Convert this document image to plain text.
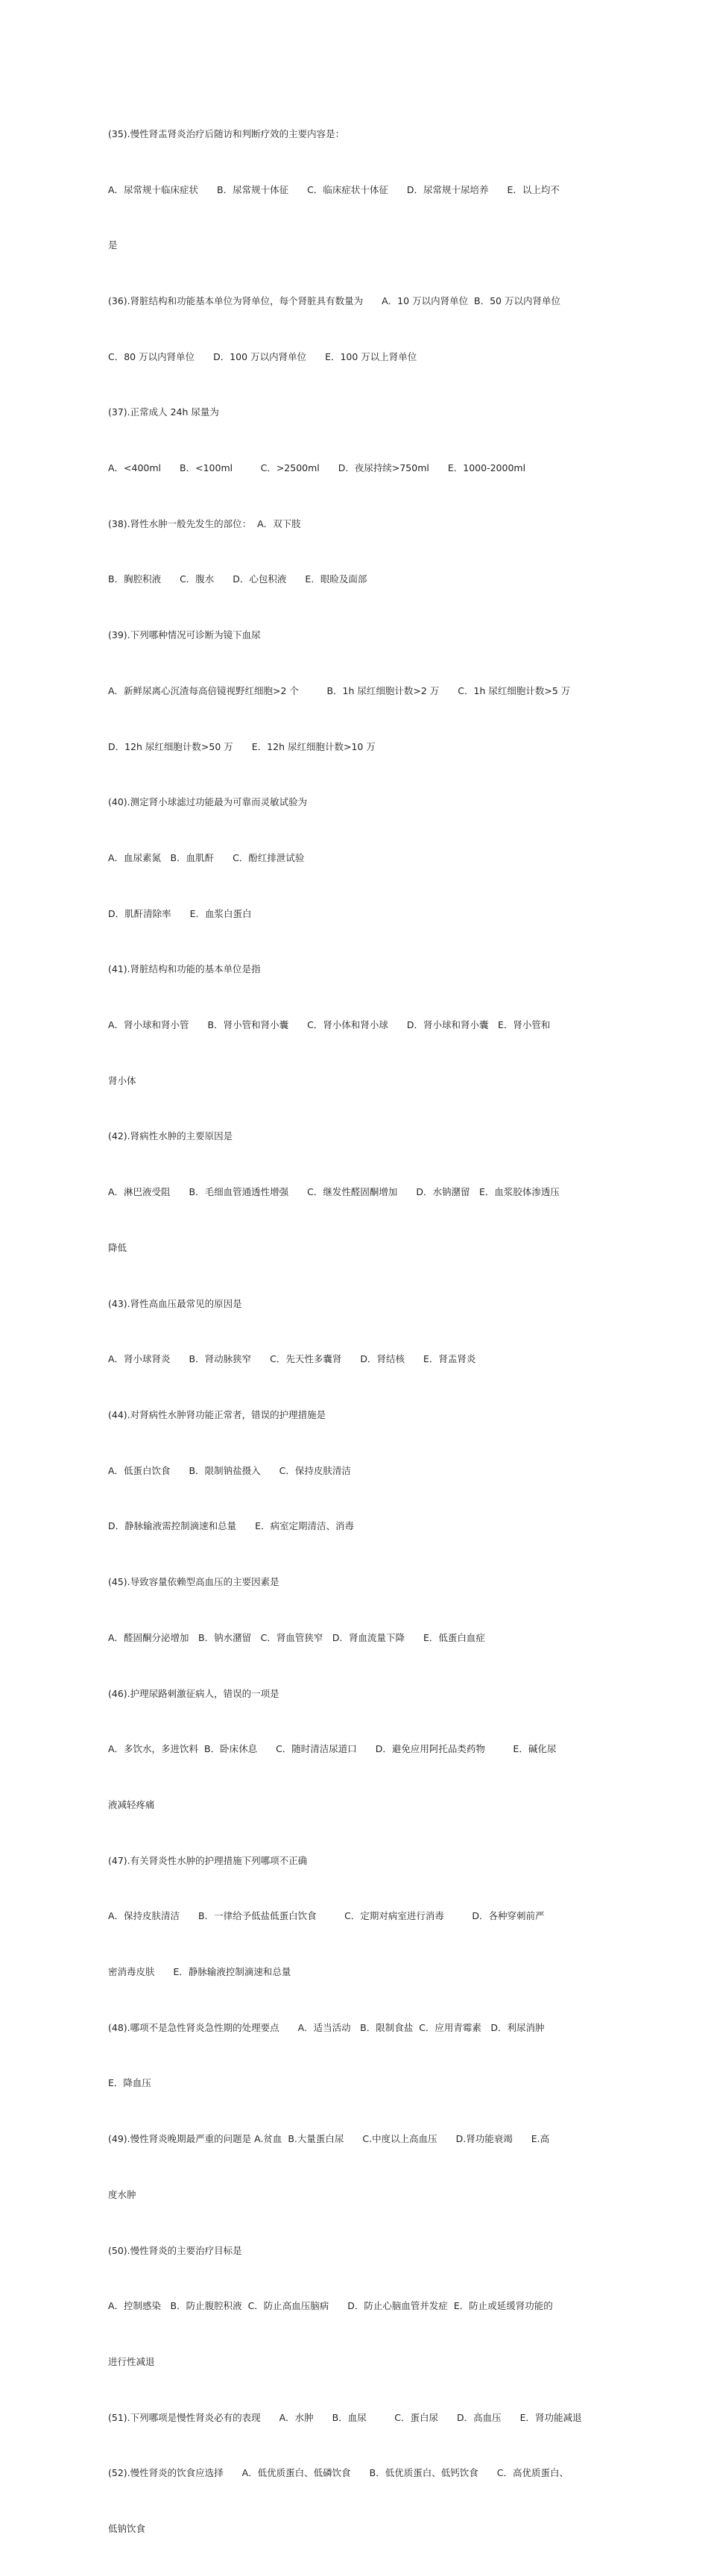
(35).慢性肾盂肾炎治疗后随访和判断疗效的主要内容是：

A．尿常规十临床症状　　B．尿常规十体征　　C．临床症状十体征　　D．尿常规十尿培养　　E．以上均不

是

(36).肾脏结构和功能基本单位为肾单位，每个肾脏具有数量为　　A．10 万以内肾单位  B．50 万以内肾单位

C．80 万以内肾单位　　D．100 万以内肾单位　　E．100 万以上肾单位

(37).正常成人 24h 尿量为

A．<400ml　　B．<100ml　　　C．>2500ml　　D．夜尿持续>750ml　　E．1000-2000ml

(38).肾性水肿一般先发生的部位：  A．双下肢

B．胸腔积液　　C．腹水　　D．心包积液　　E．眼睑及面部

(39).下列哪种情况可诊断为镜下血尿

A．新鲜尿离心沉渣每高倍镜视野红细胞>2 个　　　B．1h 尿红细胞计数>2 万　　C．1h 尿红细胞计数>5 万

D．12h 尿红细胞计数>50 万　　E．12h 尿红细胞计数>10 万

(40).测定肾小球滤过功能最为可靠而灵敏试验为

A．血尿素氮　B．血肌酐　　C．酚红排泄试验

D．肌酐清除率　　E．血浆白蛋白

(41).肾脏结构和功能的基本单位是指

A．肾小球和肾小管　　B．肾小管和肾小囊　　C．肾小体和肾小球　　D．肾小球和肾小囊　E．肾小管和

肾小体

(42).肾病性水肿的主要原因是

A．淋巴液受阻　　B．毛细血管通透性增强　　C．继发性醛固酮增加　　D．水钠潴留　E．血浆胶体渗透压

降低

(43).肾性高血压最常见的原因是

A．肾小球肾炎　　B．肾动脉狭窄　　C．先天性多囊肾　　D．肾结核　　E．肾盂肾炎

(44).对肾病性水肿肾功能正常者，错误的护理措施是

A．低蛋白饮食　　B．限制钠盐摄入　　C．保持皮肤清洁

D．静脉输液需控制滴速和总量　　E．病室定期清洁、消毒

(45).导致容量依赖型高血压的主要因素是

A．醛固酮分泌增加　B．钠水潴留　C．肾血管狭窄　D．肾血流量下降　　E．低蛋白血症

(46).护理尿路刺激征病人，错误的一项是

A．多饮水，多进饮料  B．卧床休息　　C．随时清洁尿道口　　D．避免应用阿托品类药物　　　E．碱化尿

液减轻疼痛

(47).有关肾炎性水肿的护理措施下列哪项不正确

A．保持皮肤清洁　　B．一律给予低盐低蛋白饮食　　　C．定期对病室进行消毒　　　D．各种穿刺前严

密消毒皮肤　　E．静脉输液控制滴速和总量

(48).哪项不是急性肾炎急性期的处理要点　　A．适当活动　B．限制食盐  C．应用青霉素　D．利尿消肿

E．降血压

(49).慢性肾炎晚期最严重的问题是 A.贫血  B.大量蛋白尿　　C.中度以上高血压　　D.肾功能衰竭　　E.高

度水肿

(50).慢性肾炎的主要治疗目标是

A．控制感染　B．防止腹腔积液  C．防止高血压脑病　　D．防止心脑血管并发症  E．防止或延缓肾功能的

进行性减退

(51).下列哪项是慢性肾炎必有的表现　　A．水肿　　B．血尿　　　C．蛋白尿　　D．高血压　　E．肾功能减退

(52).慢性肾炎的饮食应选择　　A．低优质蛋白、低磷饮食　　B．低优质蛋白、低钙饮食　　C．高优质蛋白、

低钠饮食
